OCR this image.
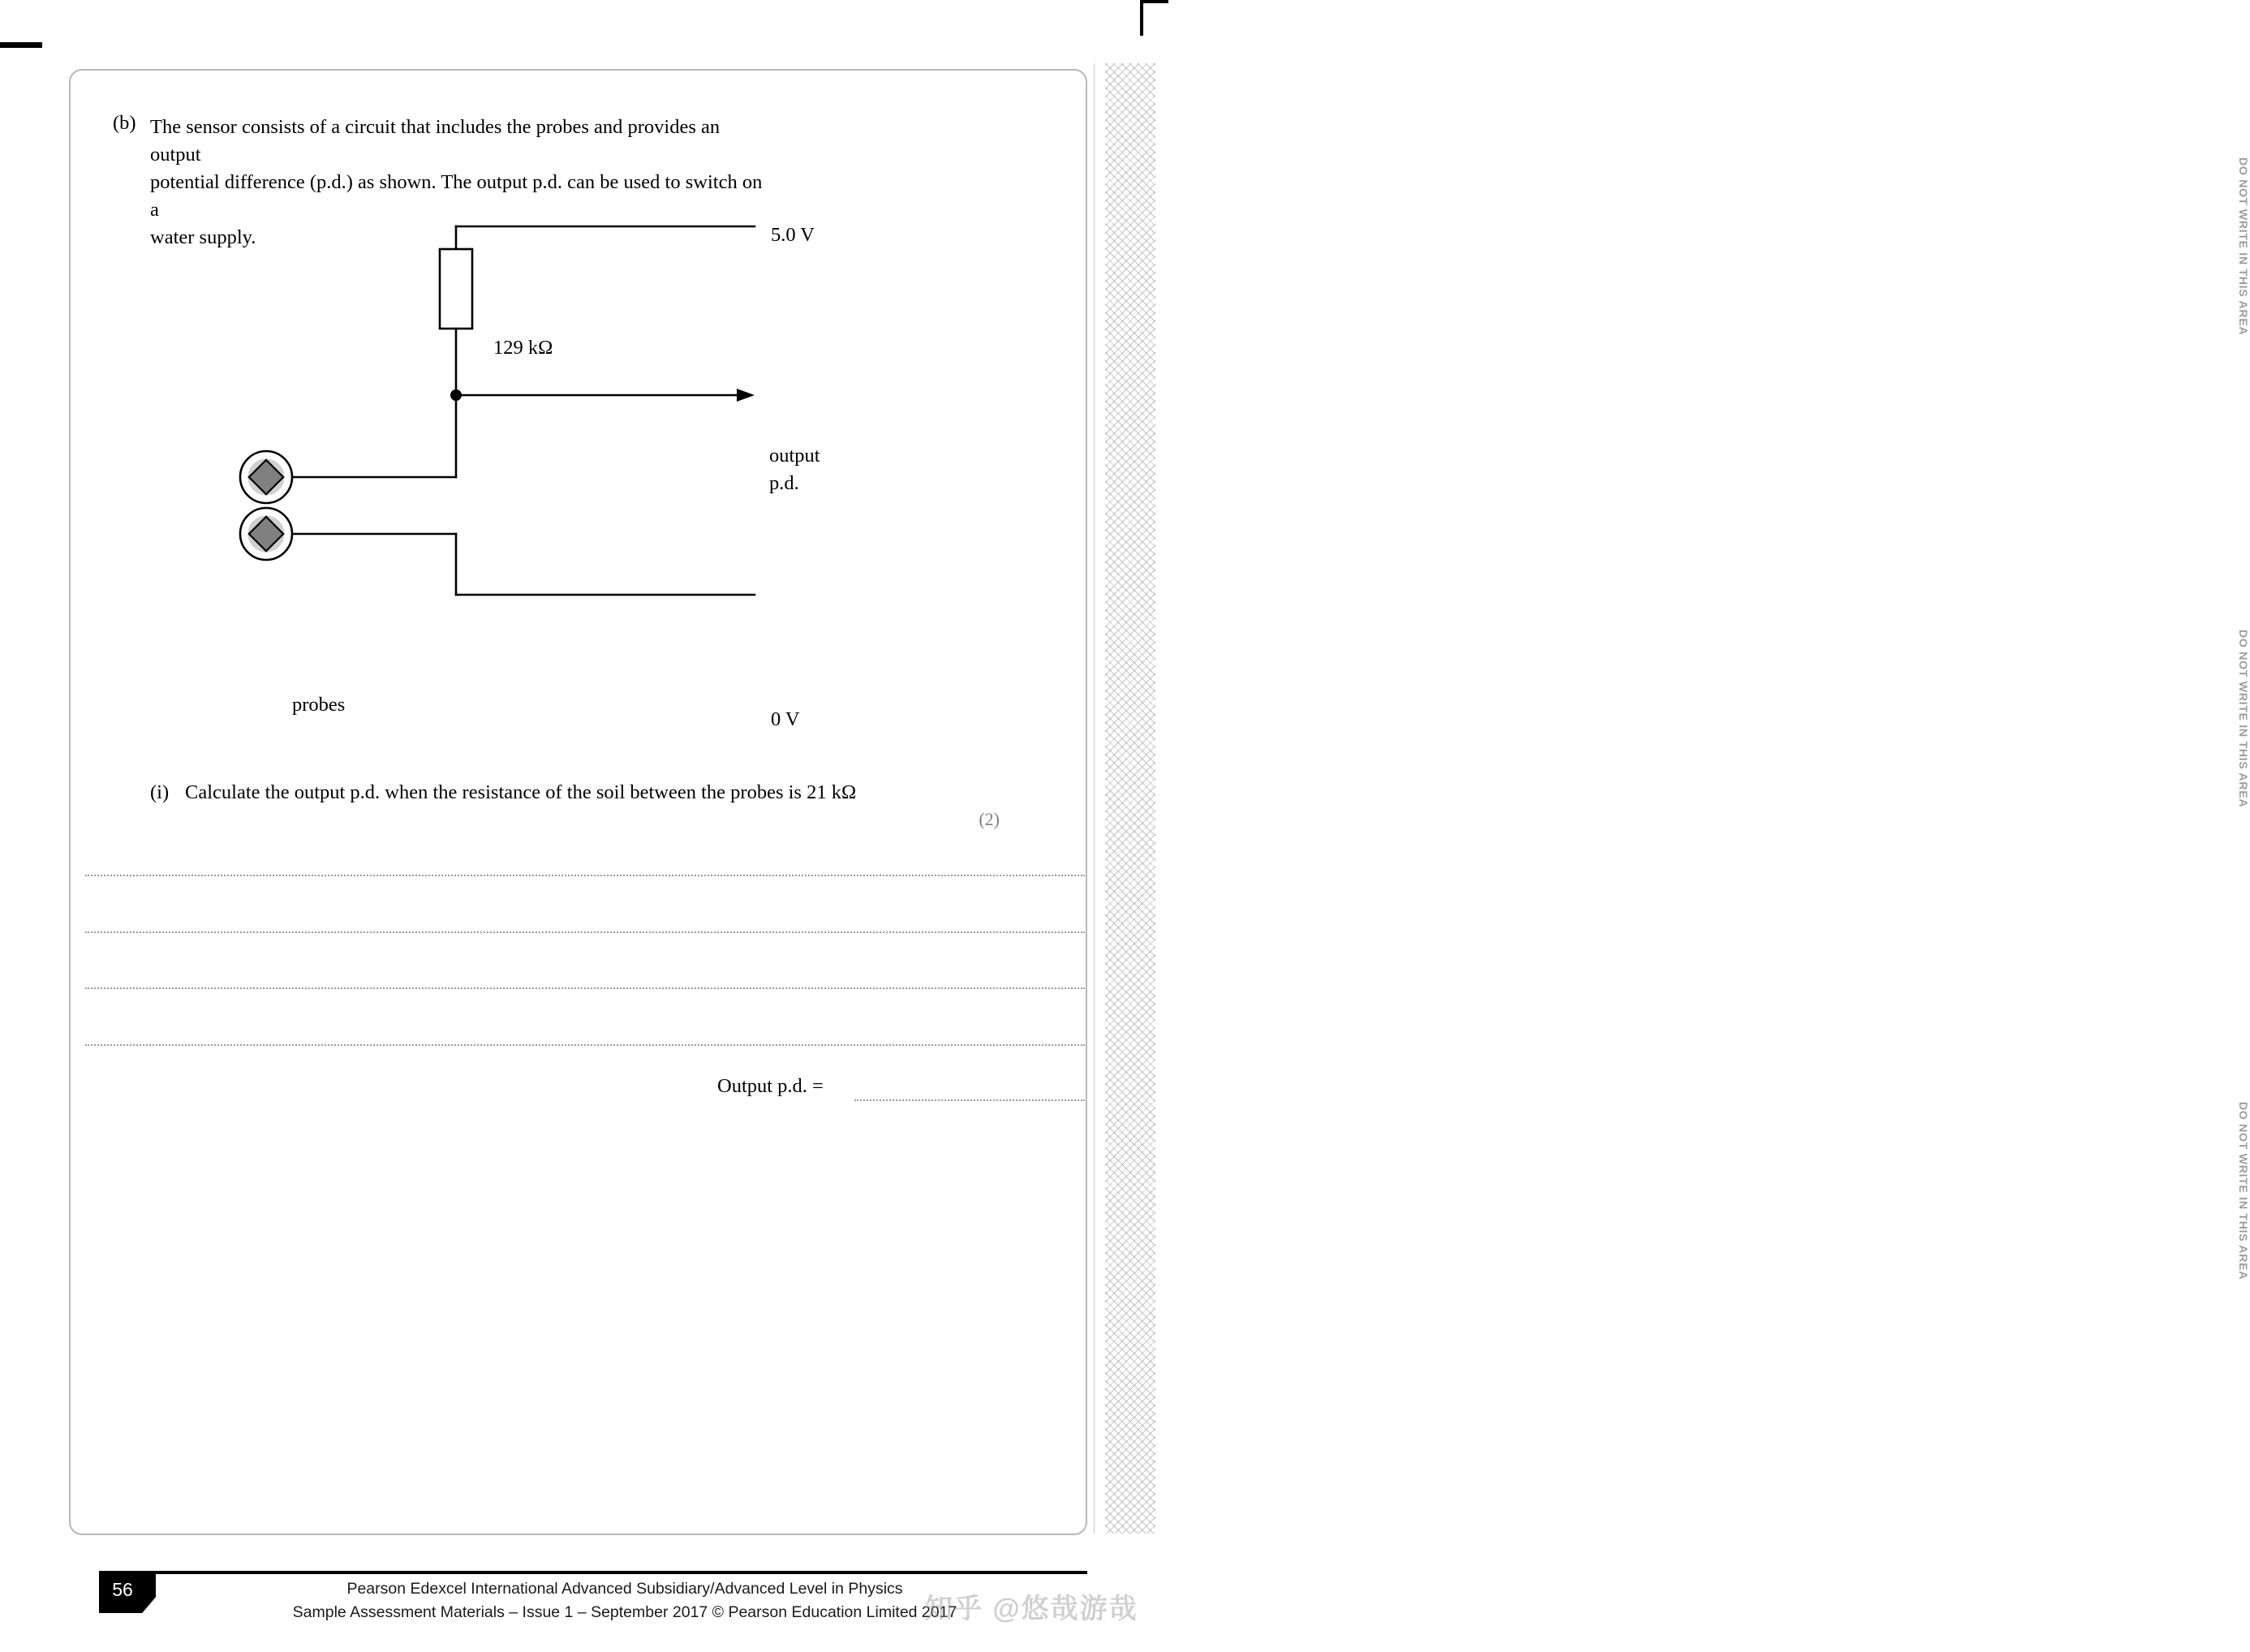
DO NOT WRITE IN THIS AREA
DO NOT WRITE IN THIS AREA
DO NOT WRITE IN THIS AREA
(b) The sensor consists of a circuit that includes the probes and provides an output

potential difference (p.d.) as shown. The output p.d. can be used to switch on a

water supply.	5.0 V
129 kΩ
output
p.d.
probes
0 V
(i) Calculate the output p.d. when the resistance of the soil between the probes is 21 kΩ
(2)
Output p.d. =
56	Pearson Edexcel International Advanced Subsidiary/Advanced Level in Physics
Sample Assessment Materials – Issue 1 – September 2017 © Pearson Education Limited 2017
知乎 @悠哉游哉
